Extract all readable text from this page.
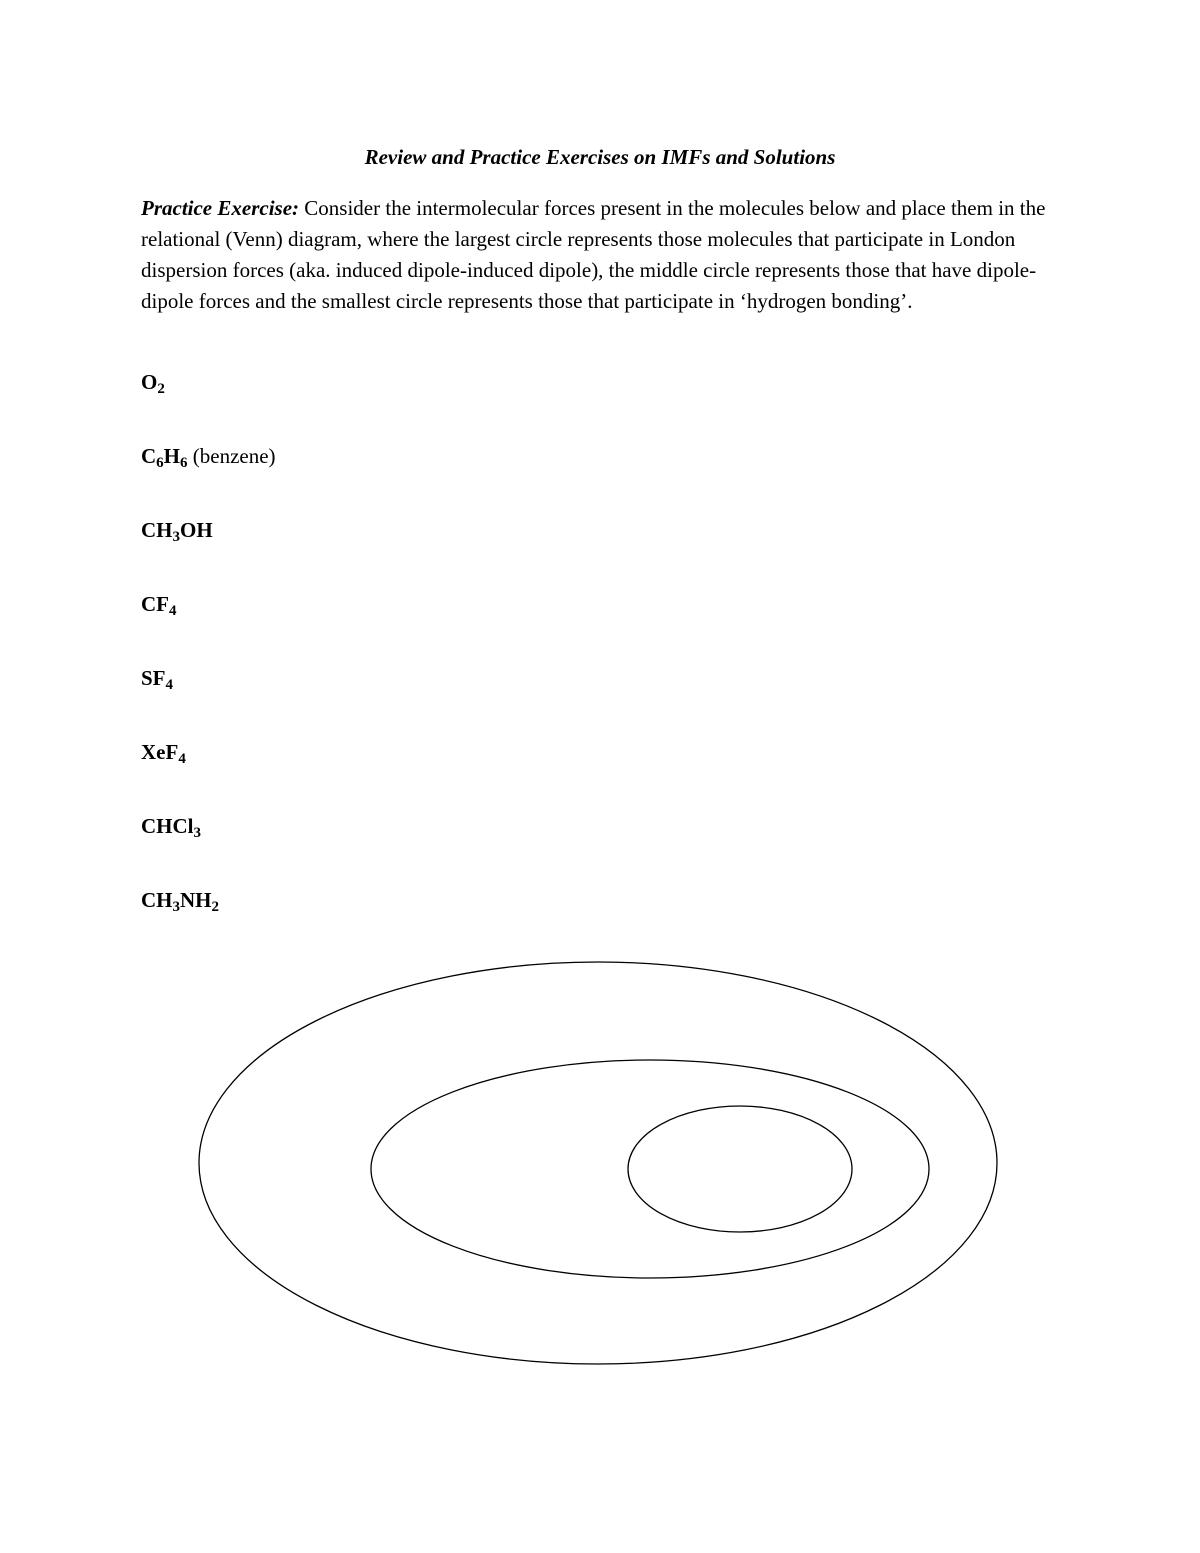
Review and Practice Exercises on IMFs and Solutions

Practice Exercise: Consider the intermolecular forces present in the molecules below and place them in the relational (Venn) diagram, where the largest circle represents those molecules that participate in London dispersion forces (aka. induced dipole-induced dipole), the middle circle represents those that have dipole-dipole forces and the smallest circle represents those that participate in ‘hydrogen bonding’.

$O_2$
$C_6H_6$ (benzene)
$CH_3OH$
$CF_4$
$SF_4$
XeF$_4$
CHCl$_3$
$CH_3NH_2$
